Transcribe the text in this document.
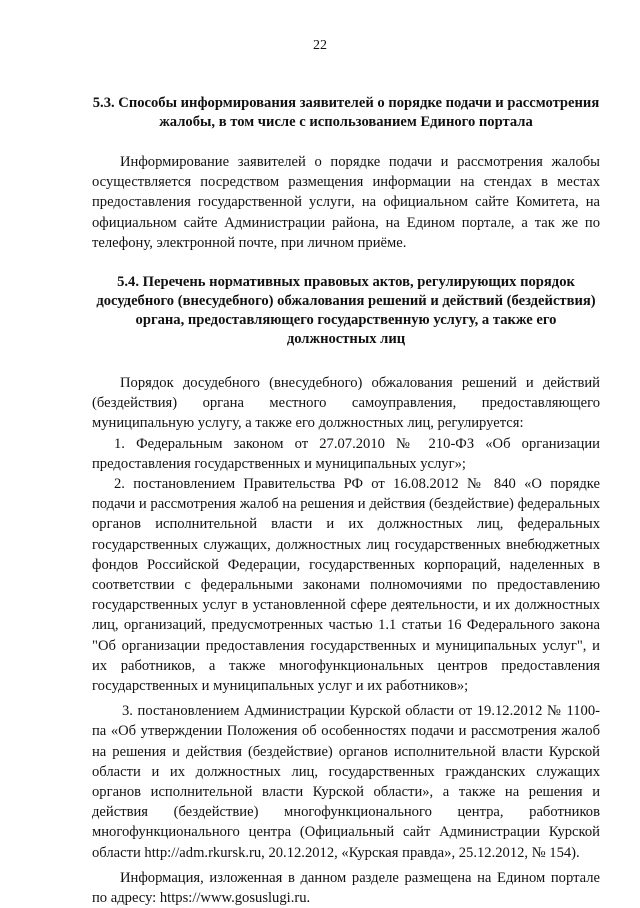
22

5.3. Способы информирования заявителей о порядке подачи и рассмотрения жалобы, в том числе с использованием Единого портала

Информирование заявителей о порядке подачи и рассмотрения жалобы осуществляется посредством размещения информации на стендах в местах предоставления государственной услуги, на официальном сайте Комитета, на официальном сайте Администрации района, на Едином портале, а так же по телефону, электронной почте, при личном приёме.

5.4. Перечень нормативных правовых актов, регулирующих порядок досудебного (внесудебного) обжалования решений и действий (бездействия) органа, предоставляющего государственную услугу, а также его должностных лиц

Порядок досудебного (внесудебного) обжалования решений и действий (бездействия) органа местного самоуправления, предоставляющего муниципальную услугу, а также его должностных лиц, регулируется:

1. Федеральным законом от 27.07.2010 № 210-ФЗ «Об организации предоставления государственных и муниципальных услуг»;

2. постановлением Правительства РФ от 16.08.2012 № 840 «О порядке подачи и рассмотрения жалоб на решения и действия (бездействие) федеральных органов исполнительной власти и их должностных лиц, федеральных государственных служащих, должностных лиц государственных внебюджетных фондов Российской Федерации, государственных корпораций, наделенных в соответствии с федеральными законами полномочиями по предоставлению государственных услуг в установленной сфере деятельности, и их должностных лиц, организаций, предусмотренных частью 1.1 статьи 16 Федерального закона "Об организации предоставления государственных и муниципальных услуг", и их работников, а также многофункциональных центров предоставления государственных и муниципальных услуг и их работников»;

3. постановлением Администрации Курской области от 19.12.2012 № 1100-па «Об утверждении Положения об особенностях подачи и рассмотрения жалоб на решения и действия (бездействие) органов исполнительной власти Курской области и их должностных лиц, государственных гражданских служащих органов исполнительной власти Курской области», а также на решения и действия (бездействие) многофункционального центра, работников многофункционального центра (Официальный сайт Администрации Курской области http://adm.rkursk.ru, 20.12.2012, «Курская правда», 25.12.2012, № 154).

Информация, изложенная в данном разделе размещена на Едином портале по адресу: https://www.gosuslugi.ru.
